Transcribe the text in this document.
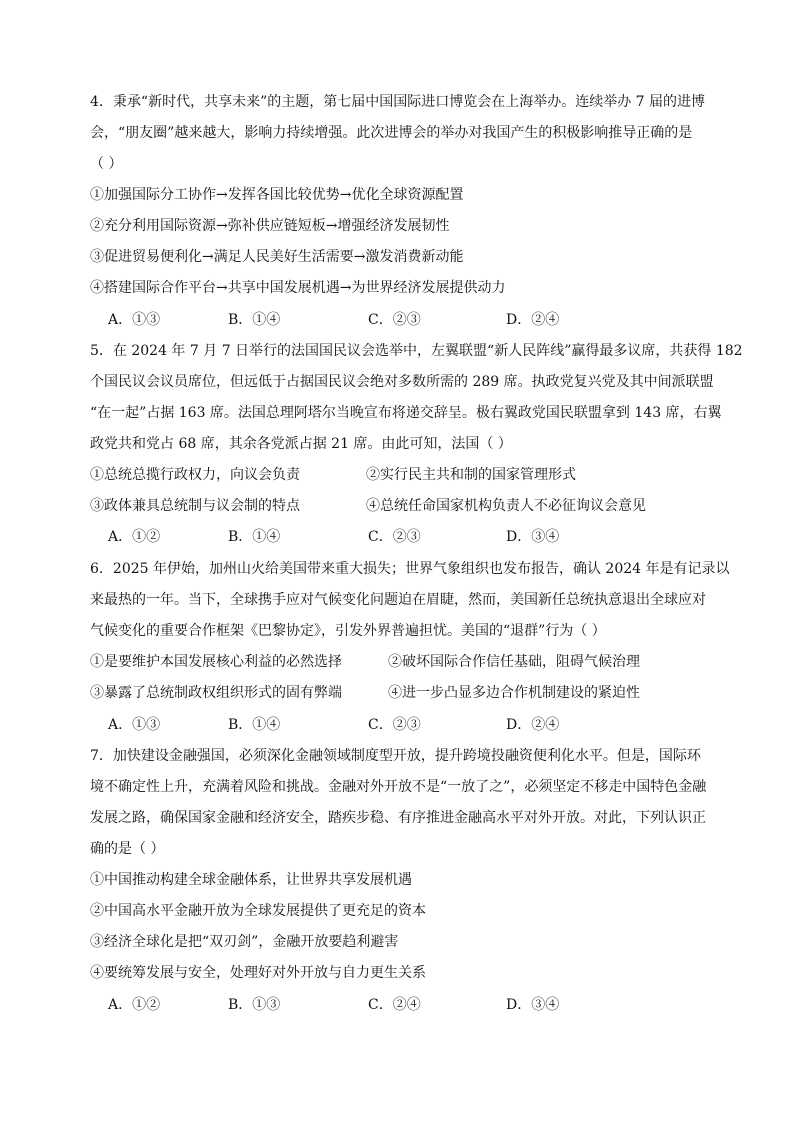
4．秉承“新时代，共享未来”的主题，第七届中国国际进口博览会在上海举办。连续举办 7 届的进博
会，“朋友圈”越来越大，影响力持续增强。此次进博会的举办对我国产生的积极影响推导正确的是
（ ）
①加强国际分工协作→发挥各国比较优势→优化全球资源配置
②充分利用国际资源→弥补供应链短板→增强经济发展韧性
③促进贸易便利化→满足人民美好生活需要→激发消费新动能
④搭建国际合作平台→共享中国发展机遇→为世界经济发展提供动力
A．①③	B．①④	C．②③	D．②④
5．在 2024 年 7 月 7 日举行的法国国民议会选举中，左翼联盟“新人民阵线”赢得最多议席，共获得 182
个国民议会议员席位，但远低于占据国民议会绝对多数所需的 289 席。执政党复兴党及其中间派联盟
“在一起”占据 163 席。法国总理阿塔尔当晚宣布将递交辞呈。极右翼政党国民联盟拿到 143 席，右翼
政党共和党占 68 席，其余各党派占据 21 席。由此可知，法国（ ）
①总统总揽行政权力，向议会负责	②实行民主共和制的国家管理形式
③政体兼具总统制与议会制的特点	④总统任命国家机构负责人不必征询议会意见
A．①②	B．①④	C．②③	D．③④
6．2025 年伊始，加州山火给美国带来重大损失；世界气象组织也发布报告，确认 2024 年是有记录以
来最热的一年。当下，全球携手应对气候变化问题迫在眉睫，然而，美国新任总统执意退出全球应对
气候变化的重要合作框架《巴黎协定》，引发外界普遍担忧。美国的“退群”行为（ ）
①是要维护本国发展核心利益的必然选择	②破坏国际合作信任基础，阻碍气候治理
③暴露了总统制政权组织形式的固有弊端	④进一步凸显多边合作机制建设的紧迫性
A．①③	B．①④	C．②③	D．②④
7．加快建设金融强国，必须深化金融领域制度型开放，提升跨境投融资便利化水平。但是，国际环
境不确定性上升，充满着风险和挑战。金融对外开放不是“一放了之”，必须坚定不移走中国特色金融
发展之路，确保国家金融和经济安全，踏疾步稳、有序推进金融高水平对外开放。对此，下列认识正
确的是（ ）
①中国推动构建全球金融体系，让世界共享发展机遇
②中国高水平金融开放为全球发展提供了更充足的资本
③经济全球化是把“双刃剑”，金融开放要趋利避害
④要统筹发展与安全，处理好对外开放与自力更生关系
A．①②	B．①③	C．②④	D．③④
